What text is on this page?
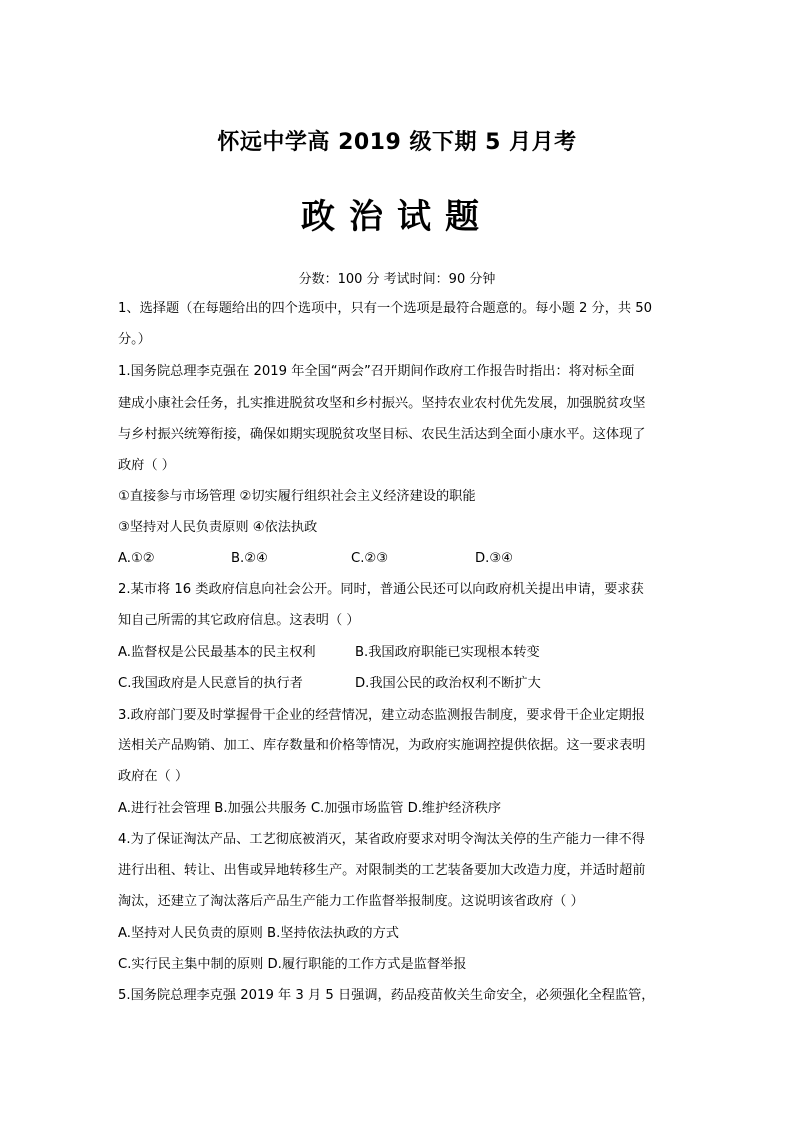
怀远中学高 2019 级下期 5 月月考
政治试题
分数：100 分 考试时间：90 分钟
1、选择题（在每题给出的四个选项中，只有一个选项是最符合题意的。每小题 2 分，共 50
分。）
1.国务院总理李克强在 2019 年全国“两会”召开期间作政府工作报告时指出：将对标全面
建成小康社会任务，扎实推进脱贫攻坚和乡村振兴。坚持农业农村优先发展，加强脱贫攻坚
与乡村振兴统筹衔接，确保如期实现脱贫攻坚目标、农民生活达到全面小康水平。这体现了
政府（ ）
①直接参与市场管理 ②切实履行组织社会主义经济建设的职能
③坚持对人民负责原则 ④依法执政
A.①②	B.②④	C.②③	D.③④
2.某市将 16 类政府信息向社会公开。同时，普通公民还可以向政府机关提出申请，要求获
知自己所需的其它政府信息。这表明（ ）
A.监督权是公民最基本的民主权利	B.我国政府职能已实现根本转变
C.我国政府是人民意旨的执行者	D.我国公民的政治权利不断扩大
3.政府部门要及时掌握骨干企业的经营情况，建立动态监测报告制度，要求骨干企业定期报
送相关产品购销、加工、库存数量和价格等情况，为政府实施调控提供依据。这一要求表明
政府在（ ）
A.进行社会管理 B.加强公共服务 C.加强市场监管 D.维护经济秩序
4.为了保证淘汰产品、工艺彻底被消灭，某省政府要求对明令淘汰关停的生产能力一律不得
进行出租、转让、出售或异地转移生产。对限制类的工艺装备要加大改造力度，并适时超前
淘汰，还建立了淘汰落后产品生产能力工作监督举报制度。这说明该省政府（ ）
A.坚持对人民负责的原则 B.坚持依法执政的方式
C.实行民主集中制的原则 D.履行职能的工作方式是监督举报
5.国务院总理李克强 2019 年 3 月 5 日强调，药品疫苗攸关生命安全，必须强化全程监管，
